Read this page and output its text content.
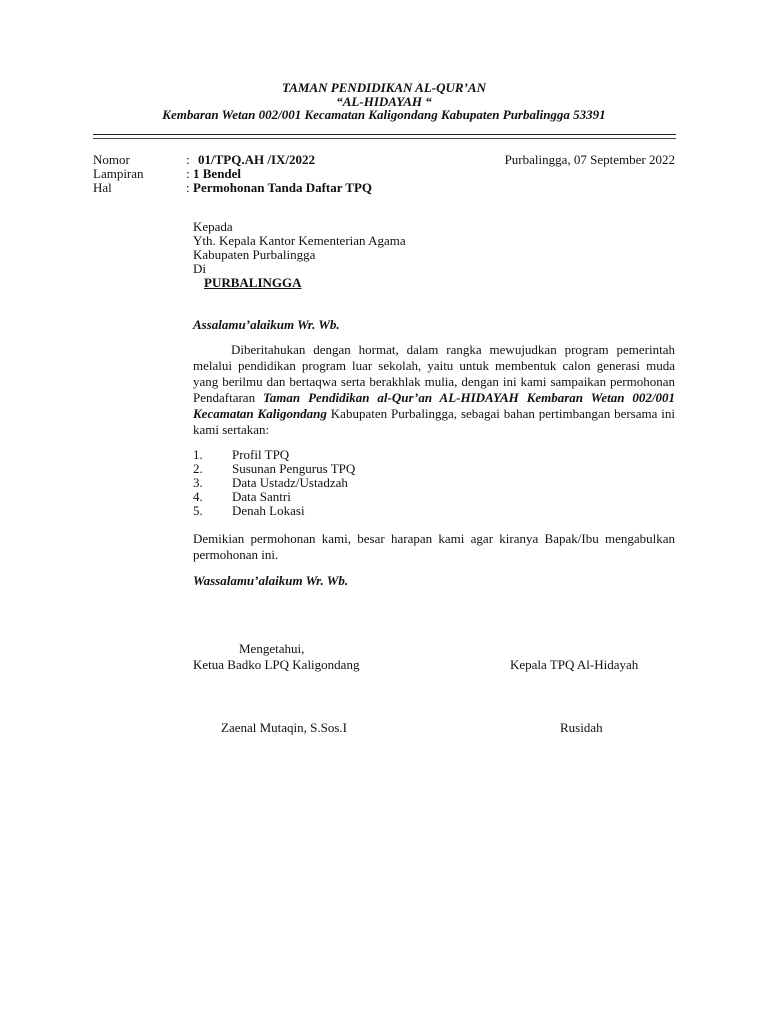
TAMAN PENDIDIKAN AL-QUR’AN
“AL-HIDAYAH “
Kembaran Wetan 002/001 Kecamatan Kaligondang Kabupaten Purbalingga 53391
Nomor	: 01/TPQ.AH /IX/2022	Purbalingga, 07 September 2022
Lampiran	: 1 Bendel
Hal	: Permohonan Tanda Daftar TPQ
Kepada
Yth. Kepala Kantor Kementerian Agama
Kabupaten Purbalingga
Di
PURBALINGGA
Assalamu’alaikum Wr. Wb.

Diberitahukan dengan hormat, dalam rangka mewujudkan program pemerintah melalui pendidikan program luar sekolah, yaitu untuk membentuk calon generasi muda yang berilmu dan bertaqwa serta berakhlak mulia, dengan ini kami sampaikan permohonan Pendaftaran Taman Pendidikan al-Qur’an AL-HIDAYAH Kembaran Wetan 002/001 Kecamatan Kaligondang Kabupaten Purbalingga, sebagai bahan pertimbangan bersama ini kami sertakan:

1.	Profil TPQ
2.	Susunan Pengurus TPQ
3.	Data Ustadz/Ustadzah
4.	Data Santri
5.	Denah Lokasi

Demikian permohonan kami, besar harapan kami agar kiranya Bapak/Ibu mengabulkan permohonan ini.

Wassalamu’alaikum Wr. Wb.
Mengetahui,
Ketua Badko LPQ Kaligondang	Kepala TPQ Al-Hidayah
Zaenal Mutaqin, S.Sos.I	Rusidah
